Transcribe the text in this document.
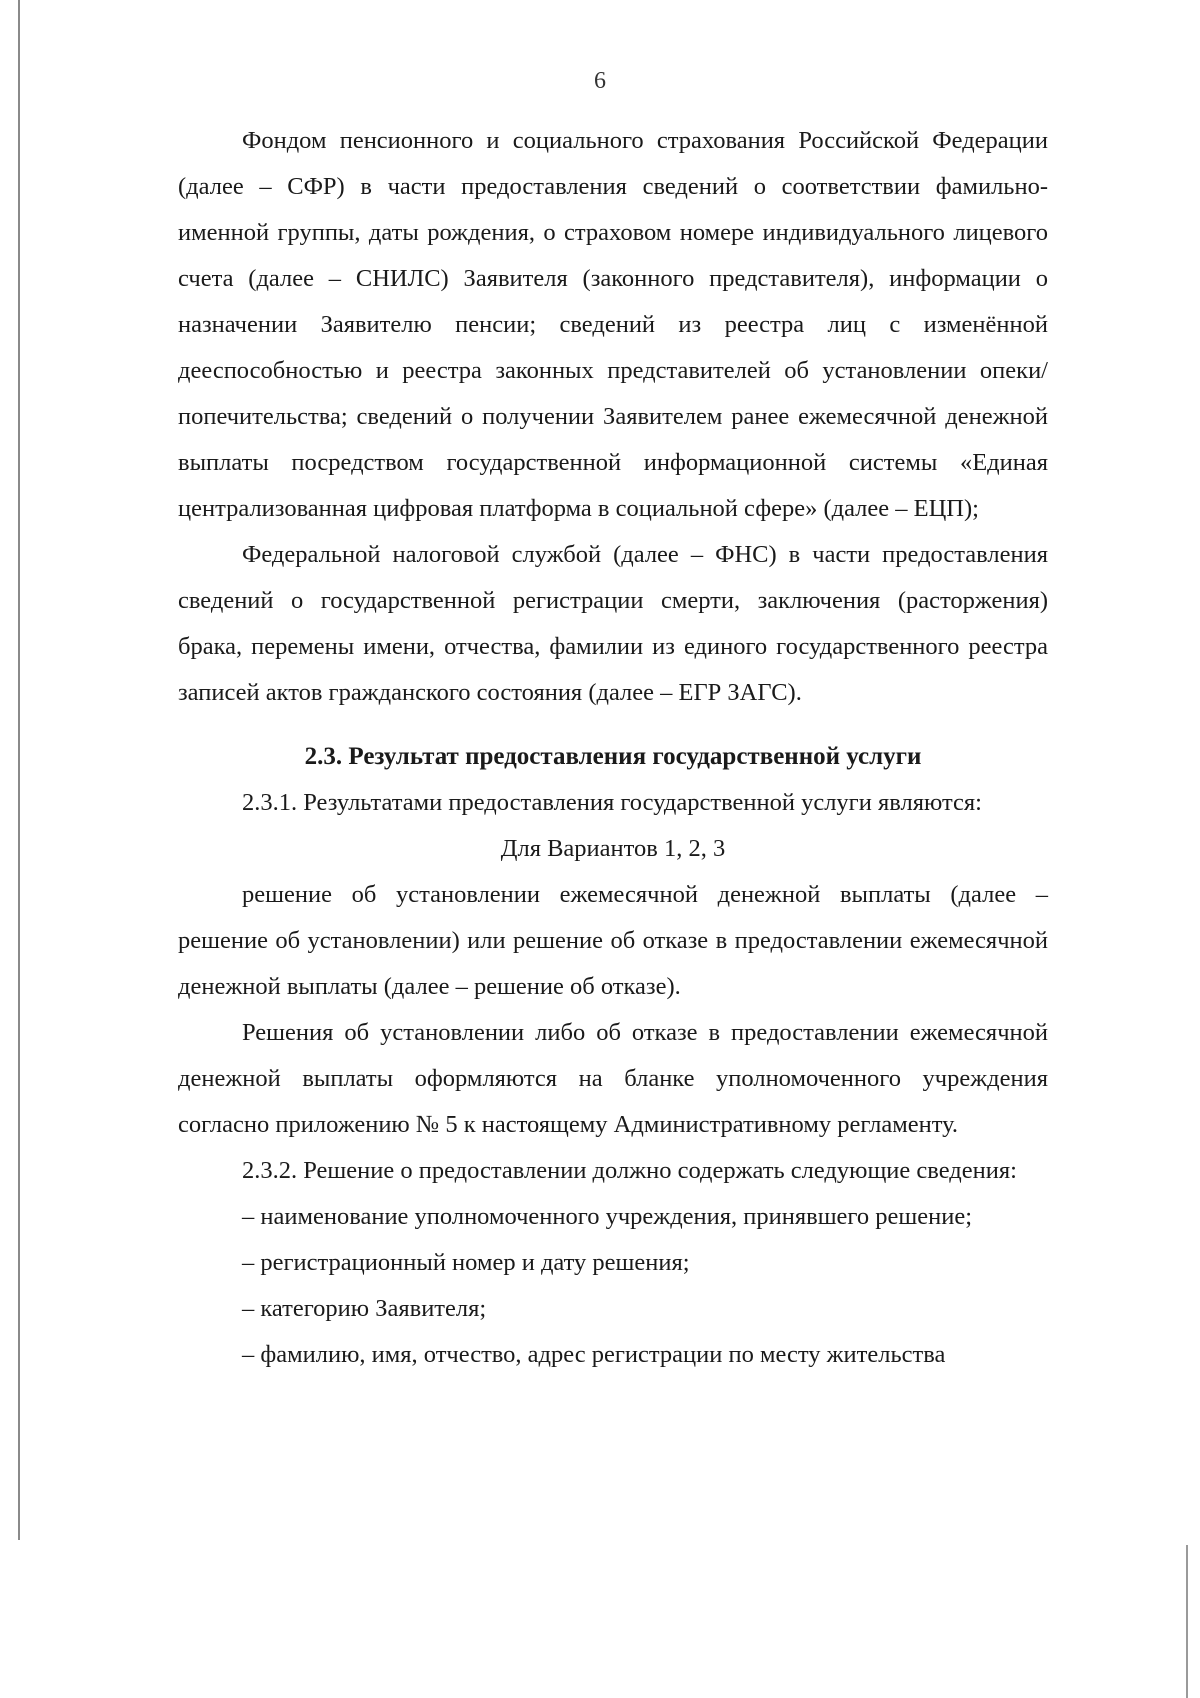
6

Фондом пенсионного и социального страхования Российской Федерации (далее – СФР) в части предоставления сведений о соответствии фамильно-именной группы, даты рождения, о страховом номере индивидуального лицевого счета (далее – СНИЛС) Заявителя (законного представителя), информации о назначении Заявителю пенсии; сведений из реестра лиц с изменённой дееспособностью и реестра законных представителей об установлении опеки/попечительства; сведений о получении Заявителем ранее ежемесячной денежной выплаты посредством государственной информационной системы «Единая централизованная цифровая платформа в социальной сфере» (далее – ЕЦП);

Федеральной налоговой службой (далее – ФНС) в части предоставления сведений о государственной регистрации смерти, заключения (расторжения) брака, перемены имени, отчества, фамилии из единого государственного реестра записей актов гражданского состояния (далее – ЕГР ЗАГС).

2.3. Результат предоставления государственной услуги

2.3.1. Результатами предоставления государственной услуги являются:

Для Вариантов 1, 2, 3

решение об установлении ежемесячной денежной выплаты (далее – решение об установлении) или решение об отказе в предоставлении ежемесячной денежной выплаты (далее – решение об отказе).

Решения об установлении либо об отказе в предоставлении ежемесячной денежной выплаты оформляются на бланке уполномоченного учреждения согласно приложению № 5 к настоящему Административному регламенту.

2.3.2. Решение о предоставлении должно содержать следующие сведения:

– наименование уполномоченного учреждения, принявшего решение;

– регистрационный номер и дату решения;

– категорию Заявителя;

– фамилию, имя, отчество, адрес регистрации по месту жительства
